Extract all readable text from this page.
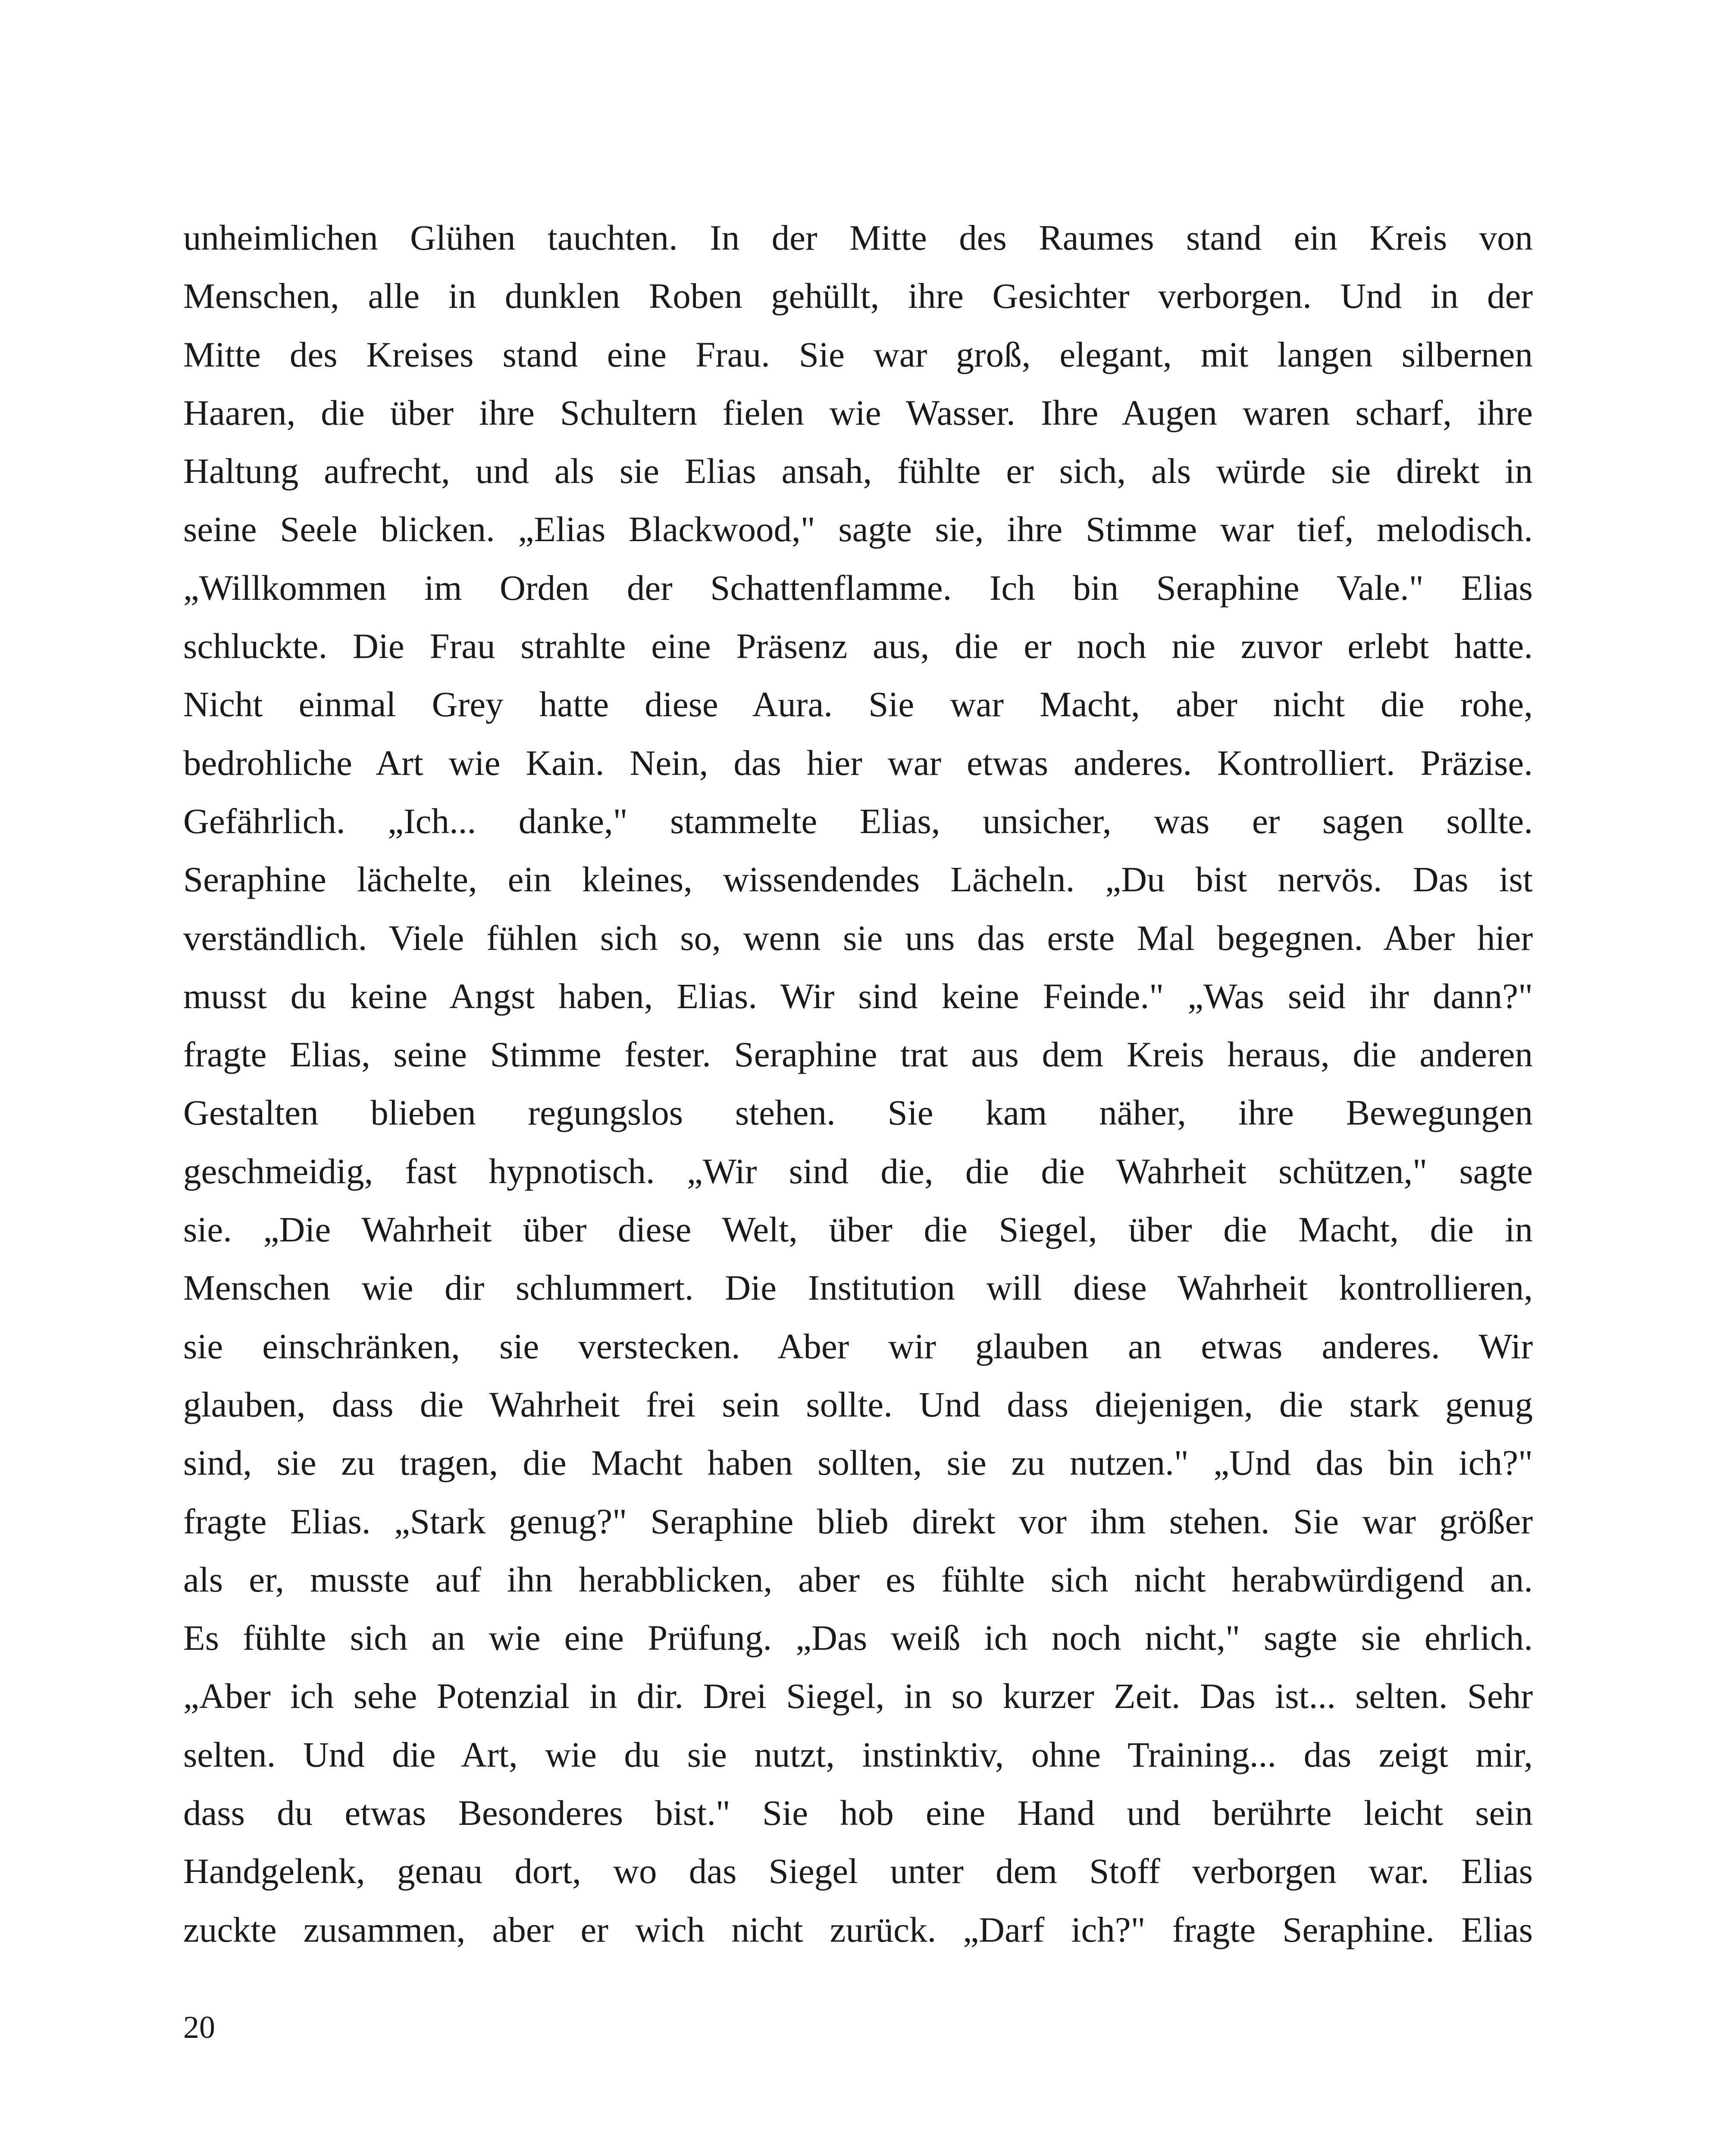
unheimlichen Glühen tauchten. In der Mitte des Raumes stand ein Kreis von
Menschen, alle in dunklen Roben gehüllt, ihre Gesichter verborgen. Und in der
Mitte des Kreises stand eine Frau. Sie war groß, elegant, mit langen silbernen
Haaren, die über ihre Schultern fielen wie Wasser. Ihre Augen waren scharf, ihre
Haltung aufrecht, und als sie Elias ansah, fühlte er sich, als würde sie direkt in
seine Seele blicken. „Elias Blackwood," sagte sie, ihre Stimme war tief, melodisch.
„Willkommen im Orden der Schattenflamme. Ich bin Seraphine Vale." Elias
schluckte. Die Frau strahlte eine Präsenz aus, die er noch nie zuvor erlebt hatte.
Nicht einmal Grey hatte diese Aura. Sie war Macht, aber nicht die rohe,
bedrohliche Art wie Kain. Nein, das hier war etwas anderes. Kontrolliert. Präzise.
Gefährlich. „Ich... danke," stammelte Elias, unsicher, was er sagen sollte.
Seraphine lächelte, ein kleines, wissendendes Lächeln. „Du bist nervös. Das ist
verständlich. Viele fühlen sich so, wenn sie uns das erste Mal begegnen. Aber hier
musst du keine Angst haben, Elias. Wir sind keine Feinde." „Was seid ihr dann?"
fragte Elias, seine Stimme fester. Seraphine trat aus dem Kreis heraus, die anderen
Gestalten blieben regungslos stehen. Sie kam näher, ihre Bewegungen
geschmeidig, fast hypnotisch. „Wir sind die, die die Wahrheit schützen," sagte
sie. „Die Wahrheit über diese Welt, über die Siegel, über die Macht, die in
Menschen wie dir schlummert. Die Institution will diese Wahrheit kontrollieren,
sie einschränken, sie verstecken. Aber wir glauben an etwas anderes. Wir
glauben, dass die Wahrheit frei sein sollte. Und dass diejenigen, die stark genug
sind, sie zu tragen, die Macht haben sollten, sie zu nutzen." „Und das bin ich?"
fragte Elias. „Stark genug?" Seraphine blieb direkt vor ihm stehen. Sie war größer
als er, musste auf ihn herabblicken, aber es fühlte sich nicht herabwürdigend an.
Es fühlte sich an wie eine Prüfung. „Das weiß ich noch nicht," sagte sie ehrlich.
„Aber ich sehe Potenzial in dir. Drei Siegel, in so kurzer Zeit. Das ist... selten. Sehr
selten. Und die Art, wie du sie nutzt, instinktiv, ohne Training... das zeigt mir,
dass du etwas Besonderes bist." Sie hob eine Hand und berührte leicht sein
Handgelenk, genau dort, wo das Siegel unter dem Stoff verborgen war. Elias
zuckte zusammen, aber er wich nicht zurück. „Darf ich?" fragte Seraphine. Elias
20
